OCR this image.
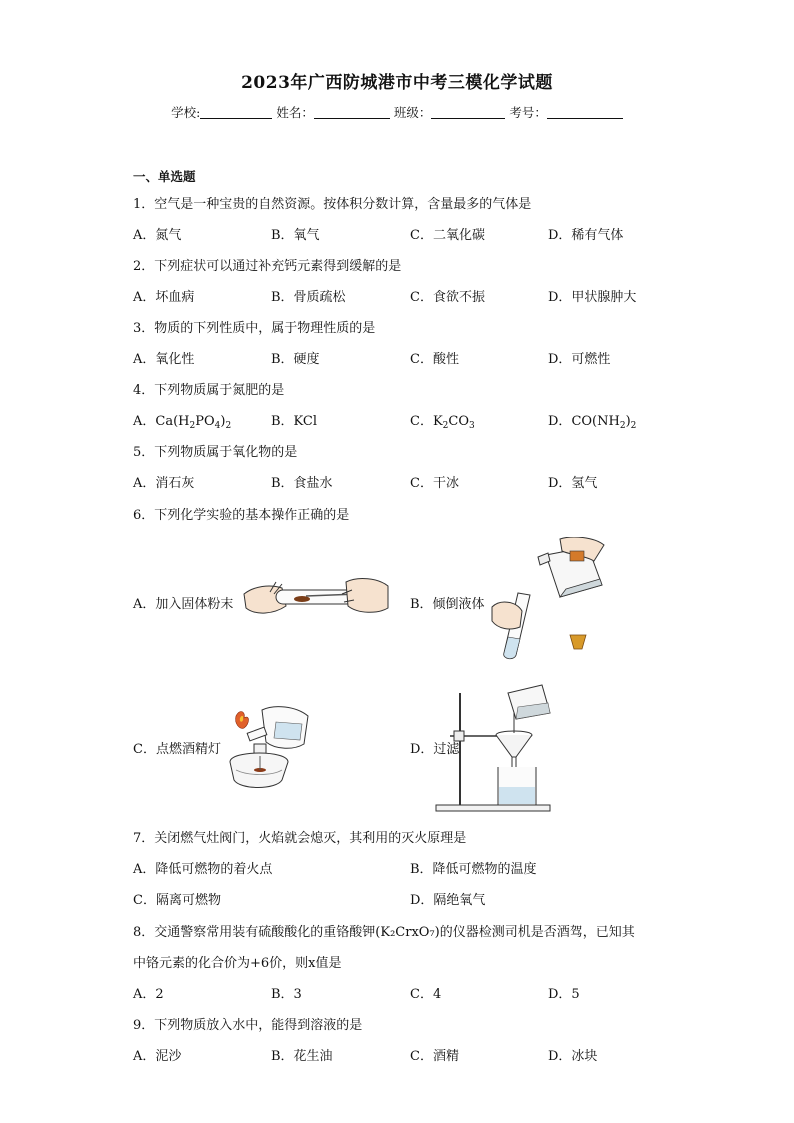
2023年广西防城港市中考三模化学试题
学校:	姓名：	班级：	考号：
一、单选题
1．空气是一种宝贵的自然资源。按体积分数计算，含量最多的气体是
A．氮气	B．氧气	C．二氧化碳	D．稀有气体
2．下列症状可以通过补充钙元素得到缓解的是
A．坏血病	B．骨质疏松	C．食欲不振	D．甲状腺肿大
3．物质的下列性质中，属于物理性质的是
A．氧化性	B．硬度	C．酸性	D．可燃性
4．下列物质属于氮肥的是
A．$Ca(H_2PO_4)_2$	B．KCl	C．$K_2CO_3$	D．$CO(NH_2)_2$
5．下列物质属于氧化物的是
A．消石灰	B．食盐水	C．干冰	D．氢气
6．下列化学实验的基本操作正确的是
A．加入固体粉末	B．倾倒液体
C．点燃酒精灯	D．过滤
7．关闭燃气灶阀门，火焰就会熄灭，其利用的灭火原理是
A．降低可燃物的着火点	B．降低可燃物的温度
C．隔离可燃物	D．隔绝氧气
8．交通警察常用装有硫酸酸化的重铬酸钾(K₂CrxO₇)的仪器检测司机是否酒驾，已知其
中铬元素的化合价为+6价，则x值是
A．2	B．3	C．4	D．5
9．下列物质放入水中，能得到溶液的是
A．泥沙	B．花生油	C．酒精	D．冰块
